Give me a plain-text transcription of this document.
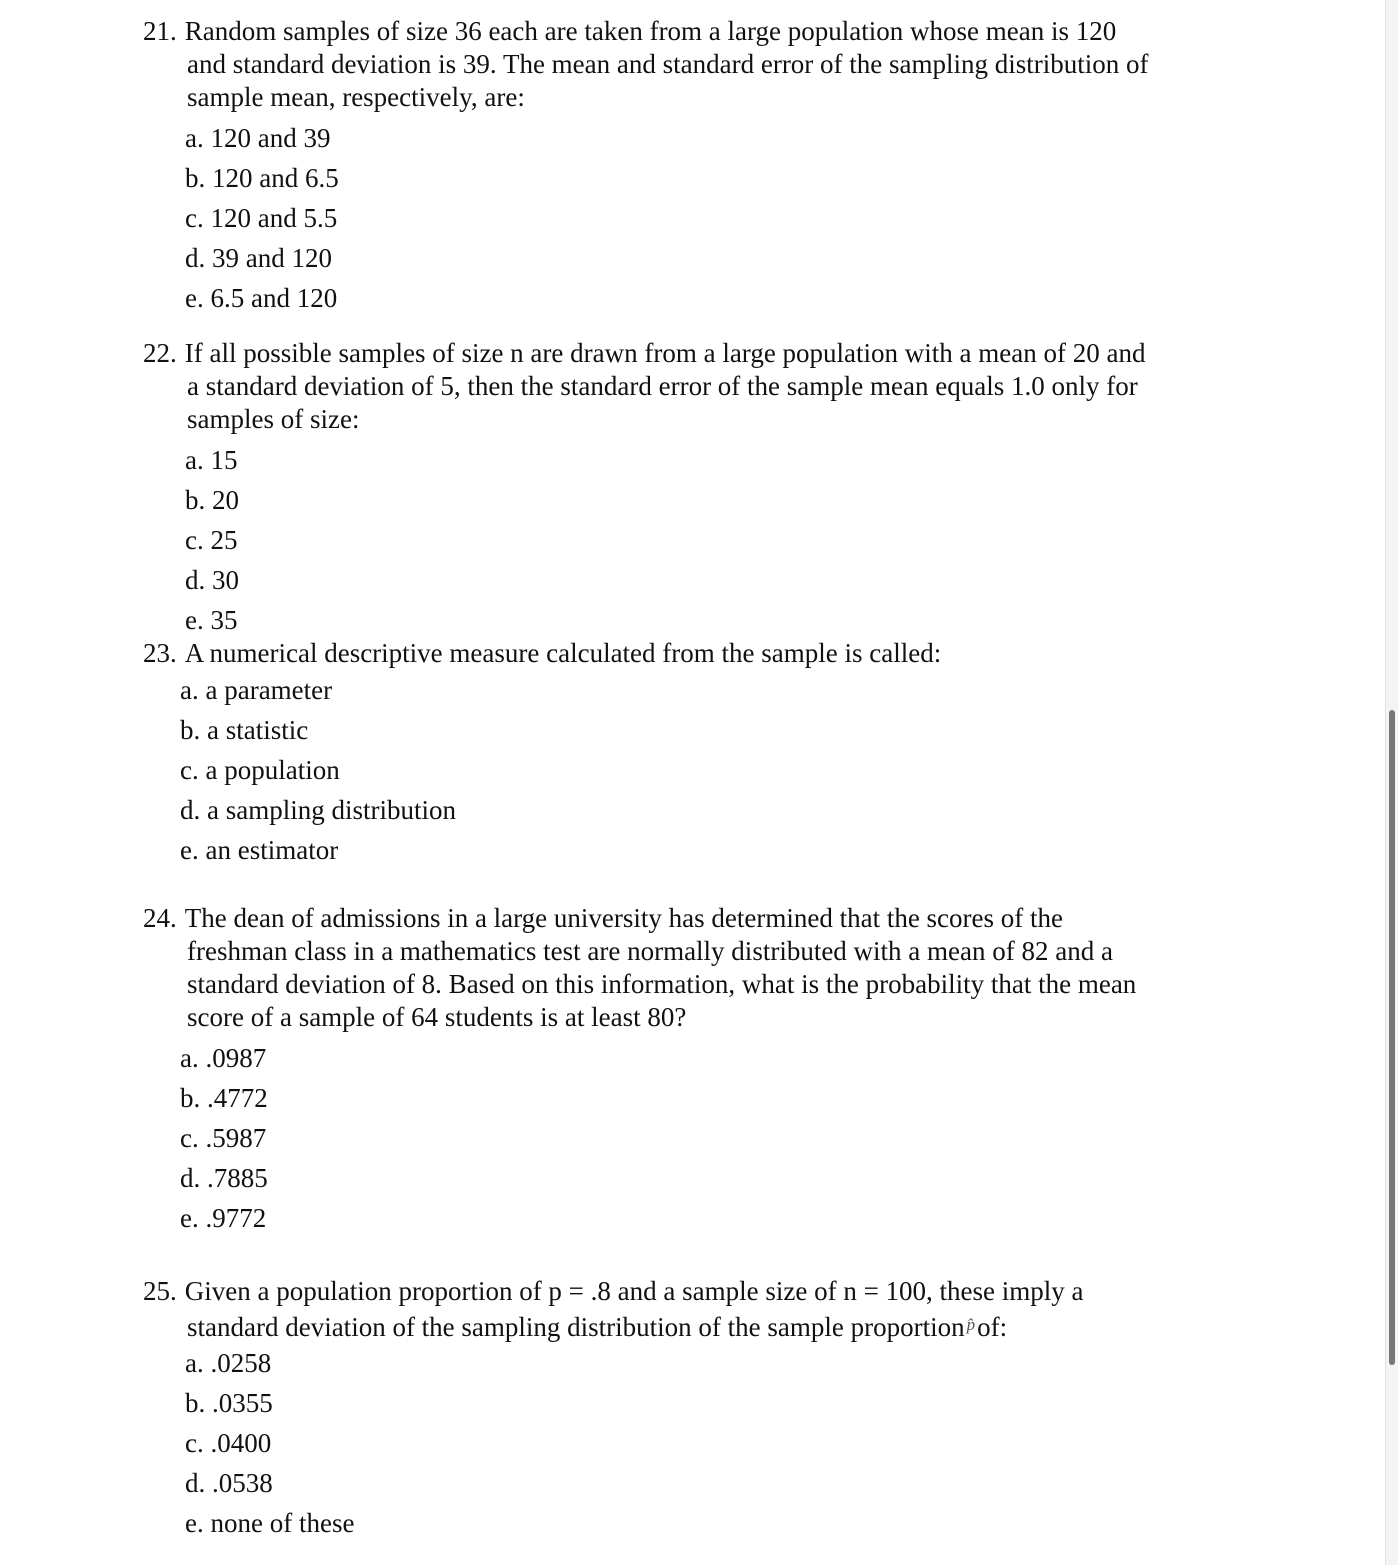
21. Random samples of size 36 each are taken from a large population whose mean is 120
and standard deviation is 39. The mean and standard error of the sampling distribution of
sample mean, respectively, are:
a. 120 and 39
b. 120 and 6.5
c. 120 and 5.5
d. 39 and 120
e. 6.5 and 120
22. If all possible samples of size n are drawn from a large population with a mean of 20 and
a standard deviation of 5, then the standard error of the sample mean equals 1.0 only for
samples of size:
a. 15
b. 20
c. 25
d. 30
e. 35
23. A numerical descriptive measure calculated from the sample is called:
a. a parameter
b. a statistic
c. a population
d. a sampling distribution
e. an estimator
24. The dean of admissions in a large university has determined that the scores of the
freshman class in a mathematics test are normally distributed with a mean of 82 and a
standard deviation of 8. Based on this information, what is the probability that the mean
score of a sample of 64 students is at least 80?
a. .0987
b. .4772
c. .5987
d. .7885
e. .9772
25. Given a population proportion of p = .8 and a sample size of n = 100, these imply a
standard deviation of the sampling distribution of the sample proportion $^{p̂}$of:
a. .0258
b. .0355
c. .0400
d. .0538
e. none of these
